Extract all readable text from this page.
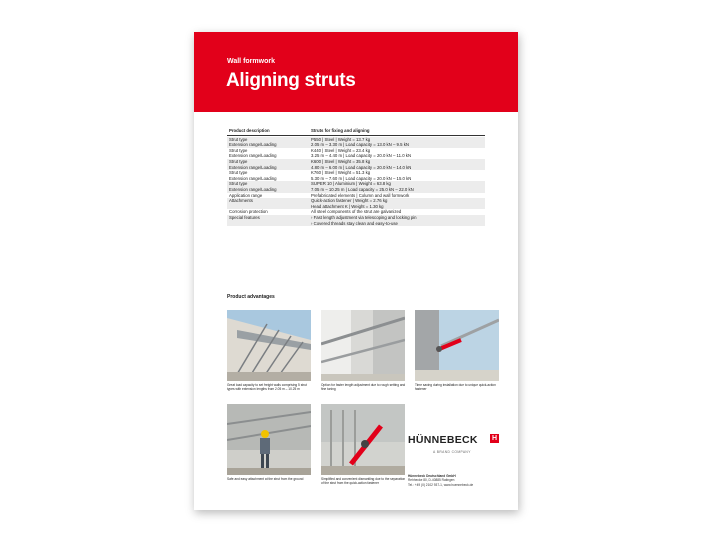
Wall formwork
Aligning struts
Product description	Struts for fixing and aligning
Strut type	P550 | Steel | Weight = 13.7 kg
Extension range/Loading	2.05 m – 3.30 m | Load capacity = 13.0 kN – 9.5 kN
Strut type	K440 | Steel | Weight = 23.4 kg
Extension range/Loading	3.25 m – 4.40 m | Load capacity = 20.0 kN – 11.0 kN
Strut type	K600 | Steel | Weight = 35.8 kg
Extension range/Loading	4.80 m – 6.00 m | Load capacity = 20.0 kN – 14.0 kN
Strut type	K760 | Steel | Weight = 51.3 kg
Extension range/Loading	5.30 m – 7.60 m | Load capacity = 20.0 kN – 15.0 kN
Strut type	SUPER 10 | Aluminium | Weight = 63.8 kg
Extension range/Loading	7.05 m – 10.25 m | Load capacity = 25.0 kN – 22.0 kN
Application range	Prefabricated elements | Column and wall formwork
Attachments	Quick-action fastener | Weight = 2.76 kg
Head attachment K | Weight = 1.30 kg
Corrosion protection	All steel components of the strut are galvanized
Special features	› Fast length adjustment via telescoping and locking pin
› Covered threads stay clean and easy-to-use
Product advantages
Great load capacity to set freight walls comprising 5 strut types with extension lengths from 2.05 m – 10.25 m
Option for faster length adjustment due to rough setting and fine tuning
Time saving during installation due to unique quick-action fastener
Safe and easy attachment at the strut from the ground	Simplified and convenient dismantling due to the separation of the strut from the quick-action fastener
HÜNNEBECK H
A BRAND COMPANY
Hünnebeck Deutschland GmbH
Rehhecke 80, D-40885 Ratingen
Tel.: +49 (0) 2102 937-1, www.huennebeck.de
